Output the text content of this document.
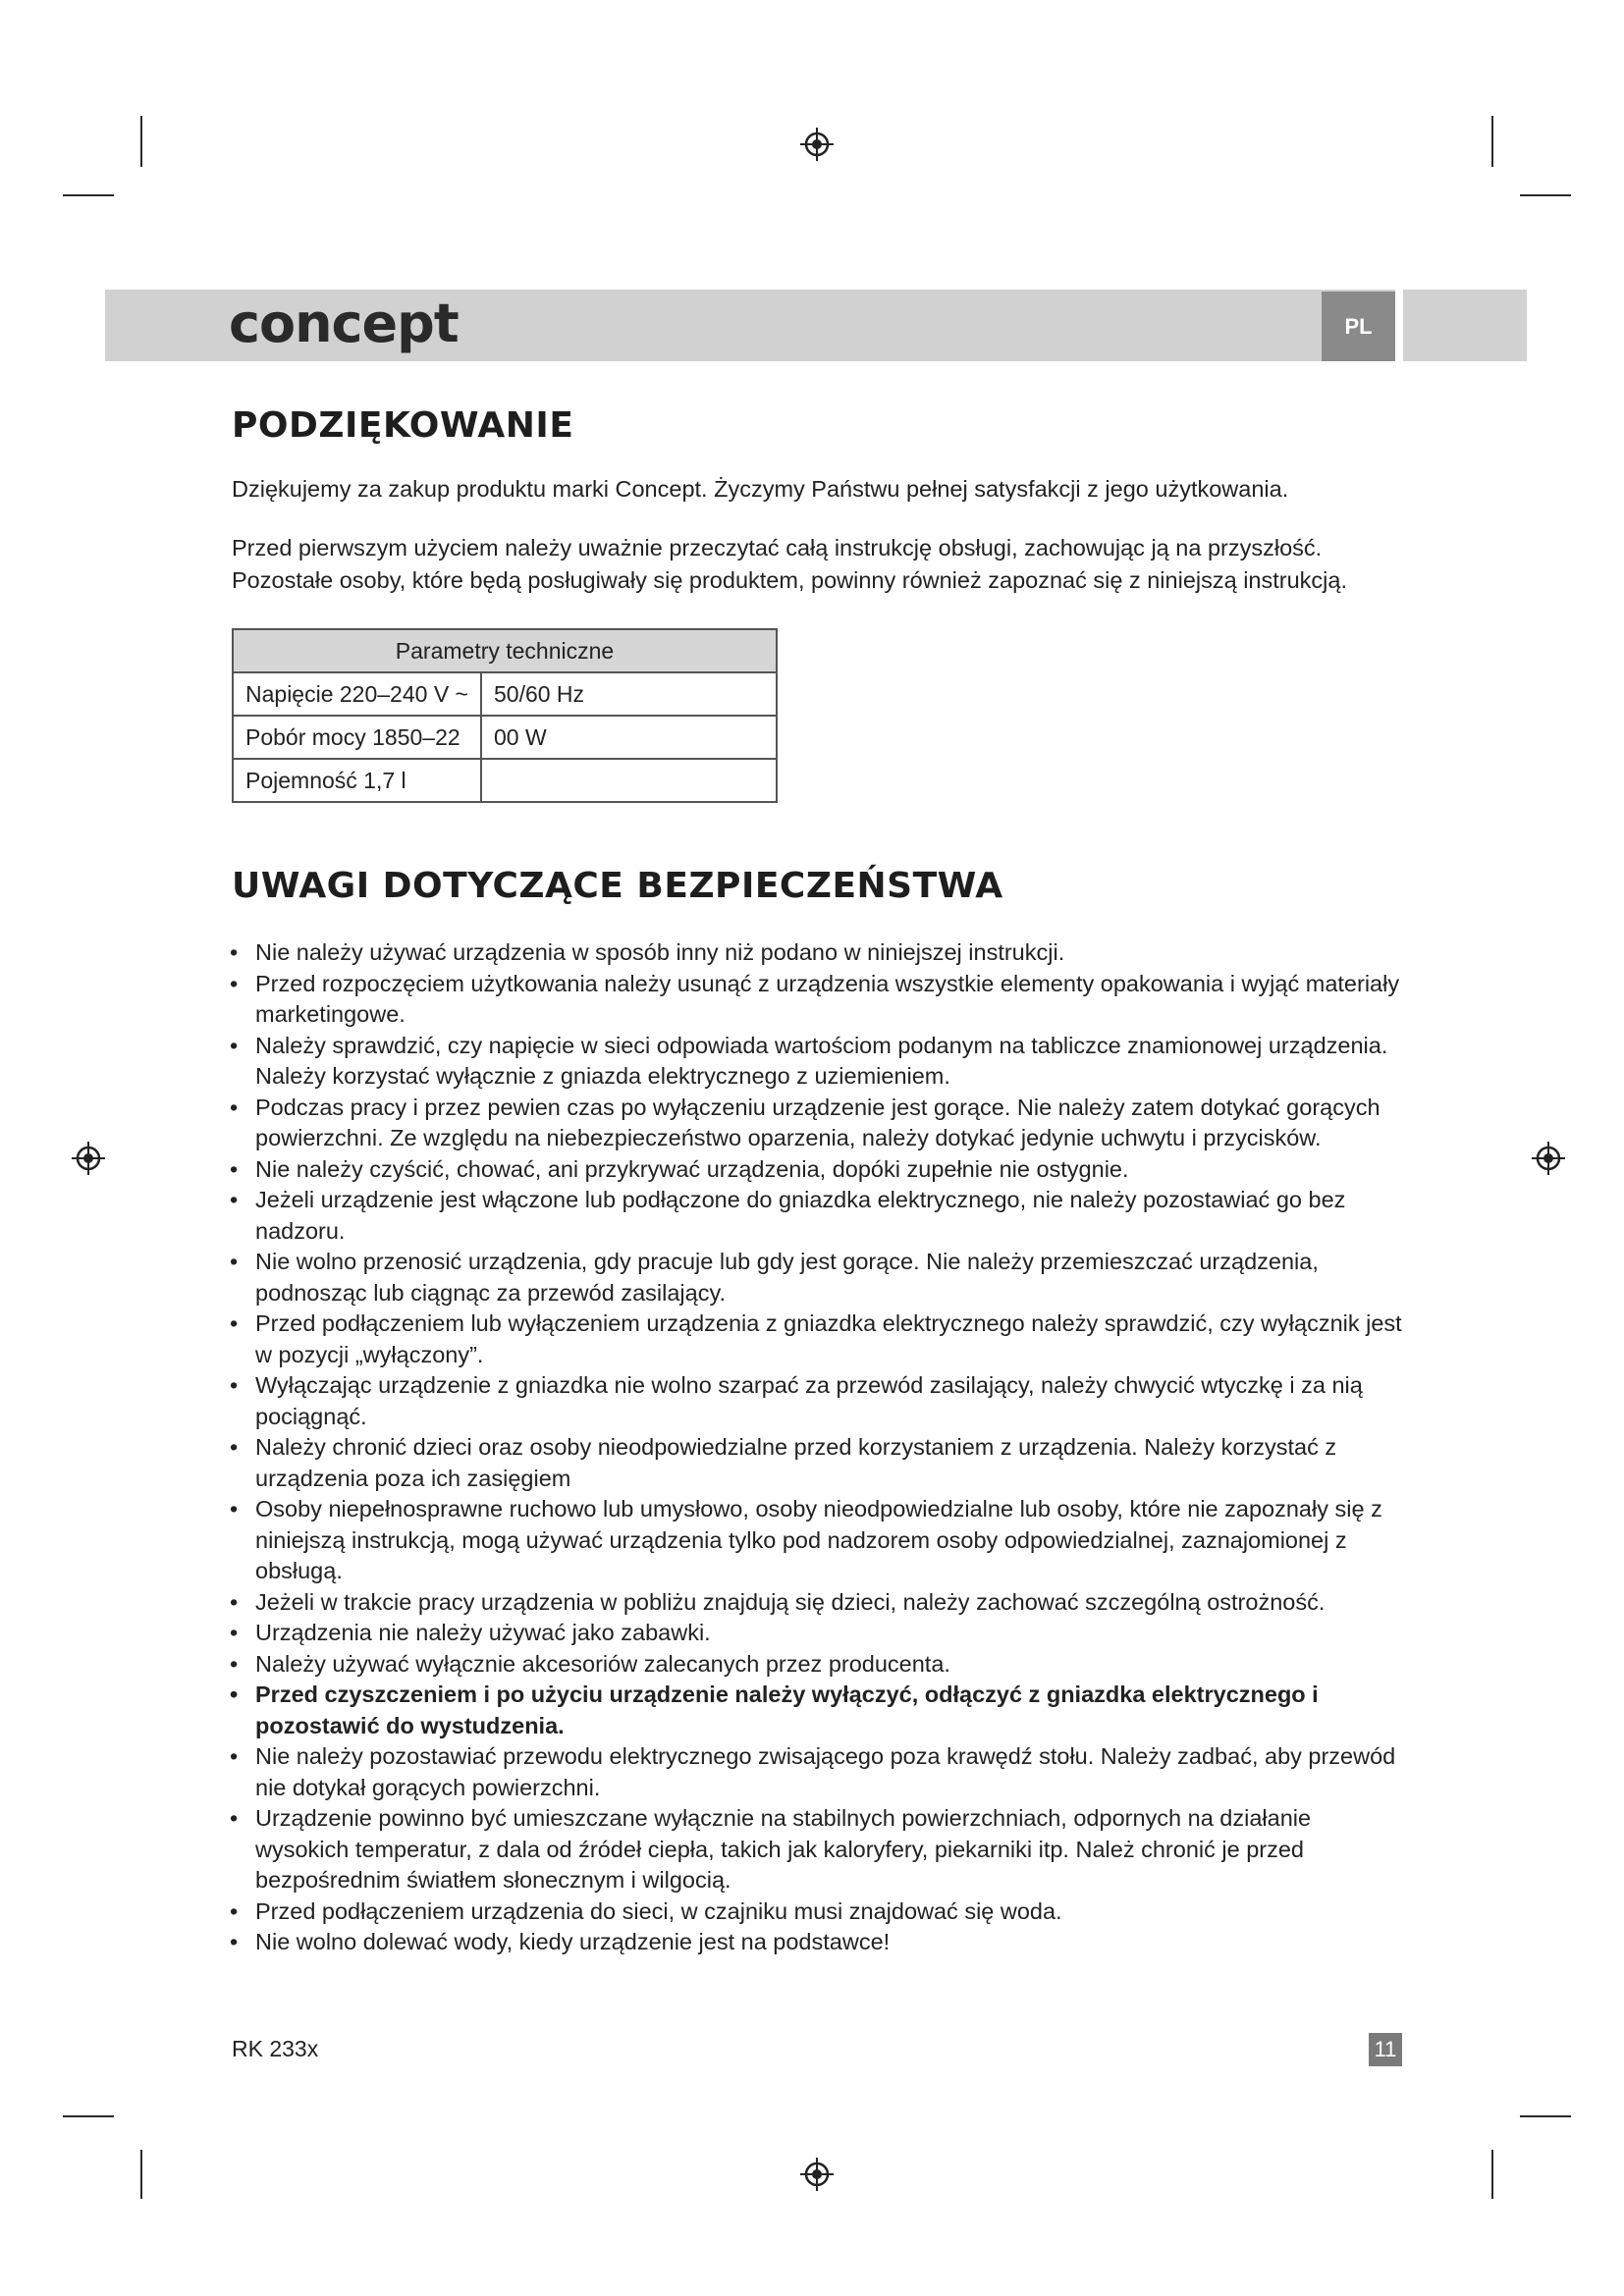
concept	PL
PODZIĘKOWANIE

Dziękujemy za zakup produktu marki Concept. Życzymy Państwu pełnej satysfakcji z jego użytkowania.

Przed pierwszym użyciem należy uważnie przeczytać całą instrukcję obsługi, zachowując ją na przyszłość. Pozostałe osoby, które będą posługiwały się produktem, powinny również zapoznać się z niniejszą instrukcją.

Parametry techniczne	
Napięcie 220–240 V ~	50/60 Hz
Pobór mocy 1850–22	00 W
Pojemność 1,7 l	
UWAGI DOTYCZĄCE BEZPIECZEŃSTWA
• Nie należy używać urządzenia w sposób inny niż podano w niniejszej instrukcji.
• Przed rozpoczęciem użytkowania należy usunąć z urządzenia wszystkie elementy opakowania i wyjąć materiały marketingowe.
• Należy sprawdzić, czy napięcie w sieci odpowiada wartościom podanym na tabliczce znamionowej urządzenia. Należy korzystać wyłącznie z gniazda elektrycznego z uziemieniem.
• Podczas pracy i przez pewien czas po wyłączeniu urządzenie jest gorące. Nie należy zatem dotykać gorących powierzchni. Ze względu na niebezpieczeństwo oparzenia, należy dotykać jedynie uchwytu i przycisków.
• Nie należy czyścić, chować, ani przykrywać urządzenia, dopóki zupełnie nie ostygnie.
• Jeżeli urządzenie jest włączone lub podłączone do gniazdka elektrycznego, nie należy pozostawiać go bez nadzoru.
• Nie wolno przenosić urządzenia, gdy pracuje lub gdy jest gorące. Nie należy przemieszczać urządzenia, podnosząc lub ciągnąc za przewód zasilający.
• Przed podłączeniem lub wyłączeniem urządzenia z gniazdka elektrycznego należy sprawdzić, czy wyłącznik jest w pozycji „wyłączony”.
• Wyłączając urządzenie z gniazdka nie wolno szarpać za przewód zasilający, należy chwycić wtyczkę i za nią pociągnąć.
• Należy chronić dzieci oraz osoby nieodpowiedzialne przed korzystaniem z urządzenia. Należy korzystać z urządzenia poza ich zasięgiem
• Osoby niepełnosprawne ruchowo lub umysłowo, osoby nieodpowiedzialne lub osoby, które nie zapoznały się z niniejszą instrukcją, mogą używać urządzenia tylko pod nadzorem osoby odpowiedzialnej, zaznajomionej z obsługą.
• Jeżeli w trakcie pracy urządzenia w pobliżu znajdują się dzieci, należy zachować szczególną ostrożność.
• Urządzenia nie należy używać jako zabawki.
• Należy używać wyłącznie akcesoriów zalecanych przez producenta.
• Przed czyszczeniem i po użyciu urządzenie należy wyłączyć, odłączyć z gniazdka elektrycznego i pozostawić do wystudzenia.
• Nie należy pozostawiać przewodu elektrycznego zwisającego poza krawędź stołu. Należy zadbać, aby przewód nie dotykał gorących powierzchni.
• Urządzenie powinno być umieszczane wyłącznie na stabilnych powierzchniach, odpornych na działanie wysokich temperatur, z dala od źródeł ciepła, takich jak kaloryfery, piekarniki itp. Należ chronić je przed bezpośrednim światłem słonecznym i wilgocią.
• Przed podłączeniem urządzenia do sieci, w czajniku musi znajdować się woda.
• Nie wolno dolewać wody, kiedy urządzenie jest na podstawce!
RK 233x	11
